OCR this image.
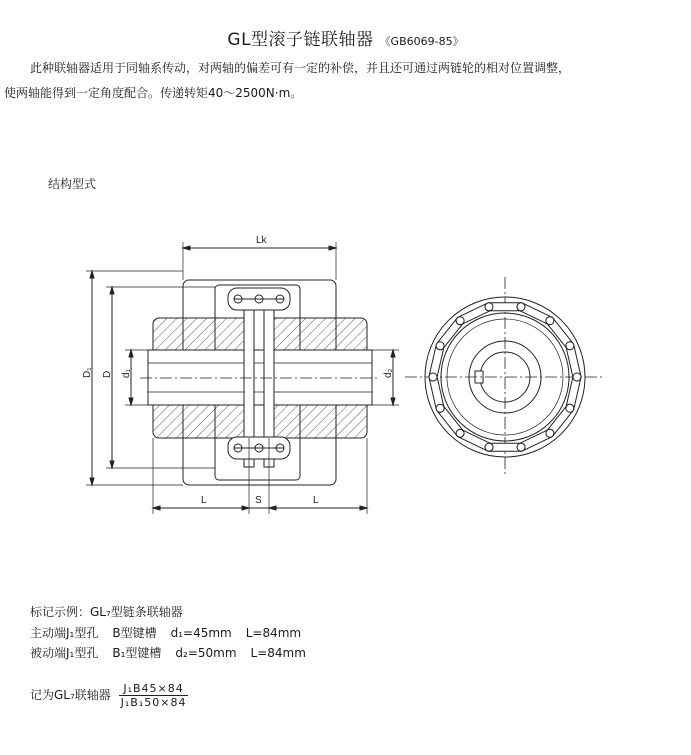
GL型滚子链联轴器 《GB6069-85》
此种联轴器适用于同轴系传动，对两轴的偏差可有一定的补偿，并且还可通过两链轮的相对位置调整，
使两轴能得到一定角度配合。传递转矩40～2500N·m。
结构型式
Lk
D₁ D d₁	d₂
L	S	L
标记示例：GL₇型链条联轴器
主动端J₁型孔 B型键槽 d₁=45mm L=84mm
被动端J₁型孔 B₁型键槽 d₂=50mm L=84mm
记为GL₇联轴器 $\frac{\text{J₁B45×84}}{\text{J₁B₁50×84}}$
